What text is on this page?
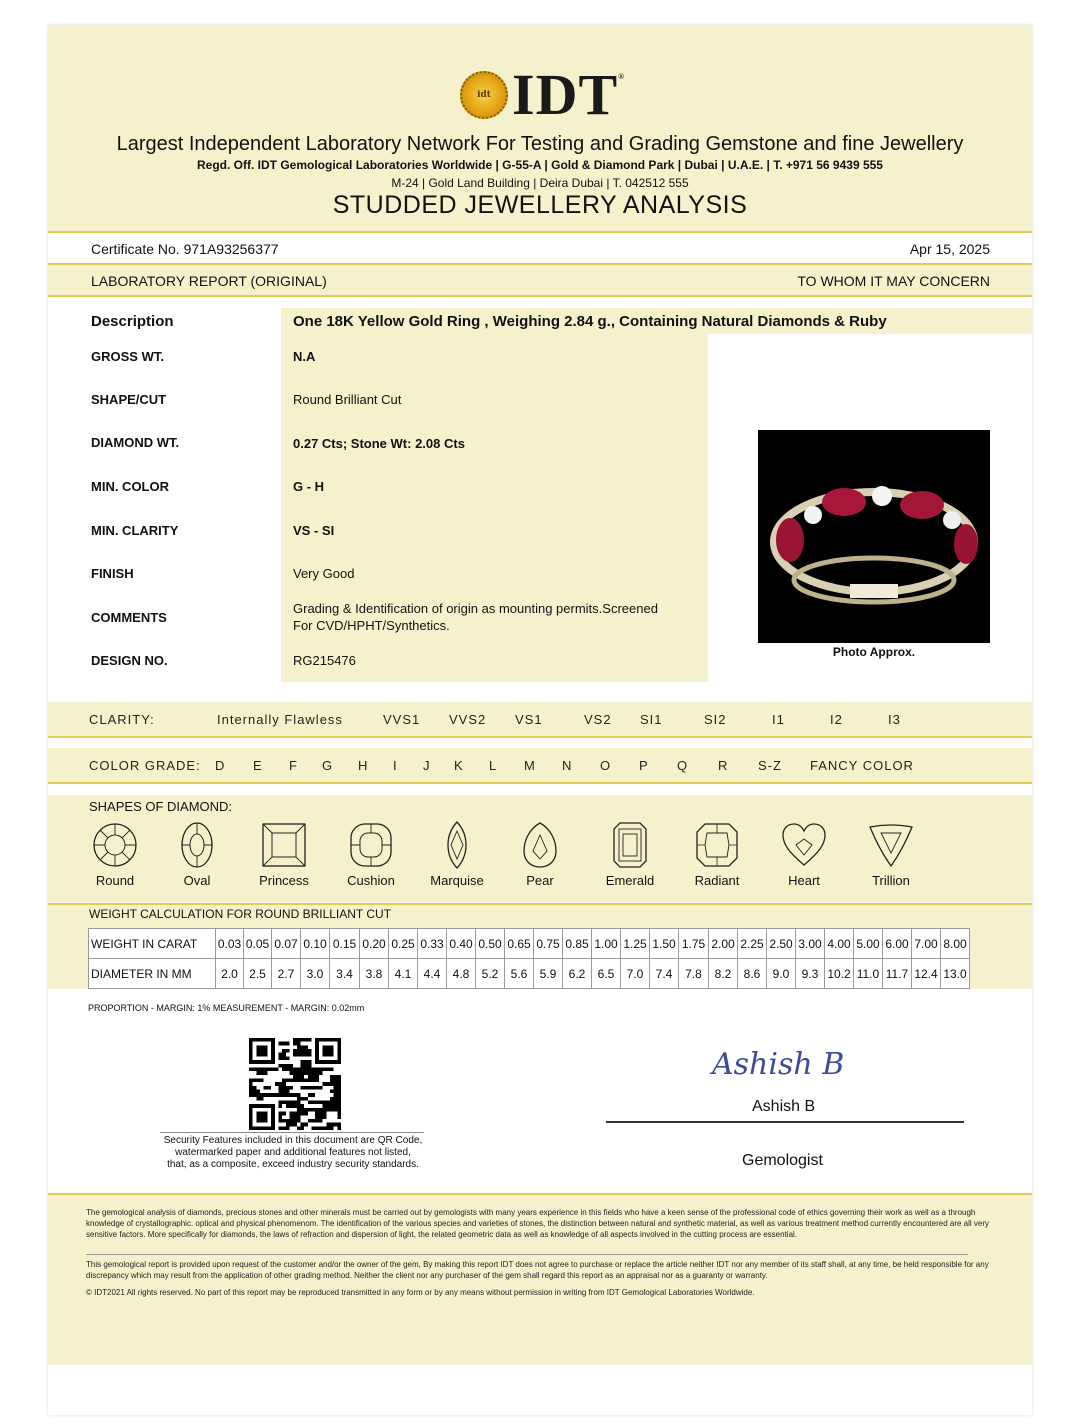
idt IDT®
Largest Independent Laboratory Network For Testing and Grading Gemstone and fine Jewellery
Regd. Off. IDT Gemological Laboratories Worldwide | G-55-A | Gold & Diamond Park | Dubai | U.A.E. | T. +971 56 9439 555
M-24 | Gold Land Building | Deira Dubai | T. 042512 555
STUDDED JEWELLERY ANALYSIS
Certificate No. 971A93256377	Apr 15, 2025
LABORATORY REPORT (ORIGINAL)	TO WHOM IT MAY CONCERN
Description	One 18K Yellow Gold Ring , Weighing 2.84 g., Containing Natural Diamonds & Ruby
GROSS WT.	N.A
SHAPE/CUT	Round Brilliant Cut
DIAMOND WT.	0.27 Cts; Stone Wt: 2.08 Cts
MIN. COLOR	G - H
MIN. CLARITY	VS - SI
FINISH	Very Good
COMMENTS
Grading & Identification of origin as mounting permits.Screened
For CVD/HPHT/Synthetics.
DESIGN NO.	RG215476
Photo Approx.
CLARITY:	Internally Flawless	VVS1 VVS2 VS1	VS2 SI1	SI2	I1	I2	I3
COLOR GRADE: D E F G H I J K L M N O P Q R S-Z FANCY COLOR
SHAPES OF DIAMOND:
Round	Oval	Princess	Cushion	Marquise	Pear	Emerald	Radiant	Heart	Trillion
WEIGHT CALCULATION FOR ROUND BRILLIANT CUT
WEIGHT IN CARAT	0.03	0.05	0.07	0.10	0.15	0.20	0.25	0.33	0.40	0.50	0.65	0.75	0.85	1.00	1.25	1.50	1.75	2.00	2.25	2.50	3.00	4.00	5.00	6.00	7.00	8.00
DIAMETER IN MM	2.0	2.5	2.7	3.0	3.4	3.8	4.1	4.4	4.8	5.2	5.6	5.9	6.2	6.5	7.0	7.4	7.8	8.2	8.6	9.0	9.3	10.2	11.0	11.7	12.4	13.0
PROPORTION - MARGIN: 1% MEASUREMENT - MARGIN: 0.02mm
Security Features included in this document are QR Code,
watermarked paper and additional features not listed,
that, as a composite, exceed industry security standards.
Ashish B
Ashish B
Gemologist

The gemological analysis of diamonds, precious stones and other minerals must be carried out by gemologists with many years experience in this fields who have a keen sense of the professional code of ethics governing their work as well as a through knowledge of crystallographic. optical and physical phenomenom. The identification of the various species and varieties of stones, the distinction between natural and synthetic material, as well as various treatment method currently encountered are all very sensitive factors. More specifically for diamonds, the laws of refraction and dispersion of light, the related geometric data as well as knowledge of all aspects involved in the cutting process are essential.

This gemological report is provided upon request of the customer and/or the owner of the gem, By making this report IDT does not agree to purchase or replace the article neither IDT nor any member of its staff shall, at any time, be held responsible for any discrepancy which may result from the application of other grading method. Neither the client nor any purchaser of the gem shall regard this report as an appraisal nor as a guaranty or warranty.

© IDT2021 All rights reserved. No part of this report may be reproduced transmitted in any form or by any means without permission in writing from IDT Gemological Laboratories Worldwide.
